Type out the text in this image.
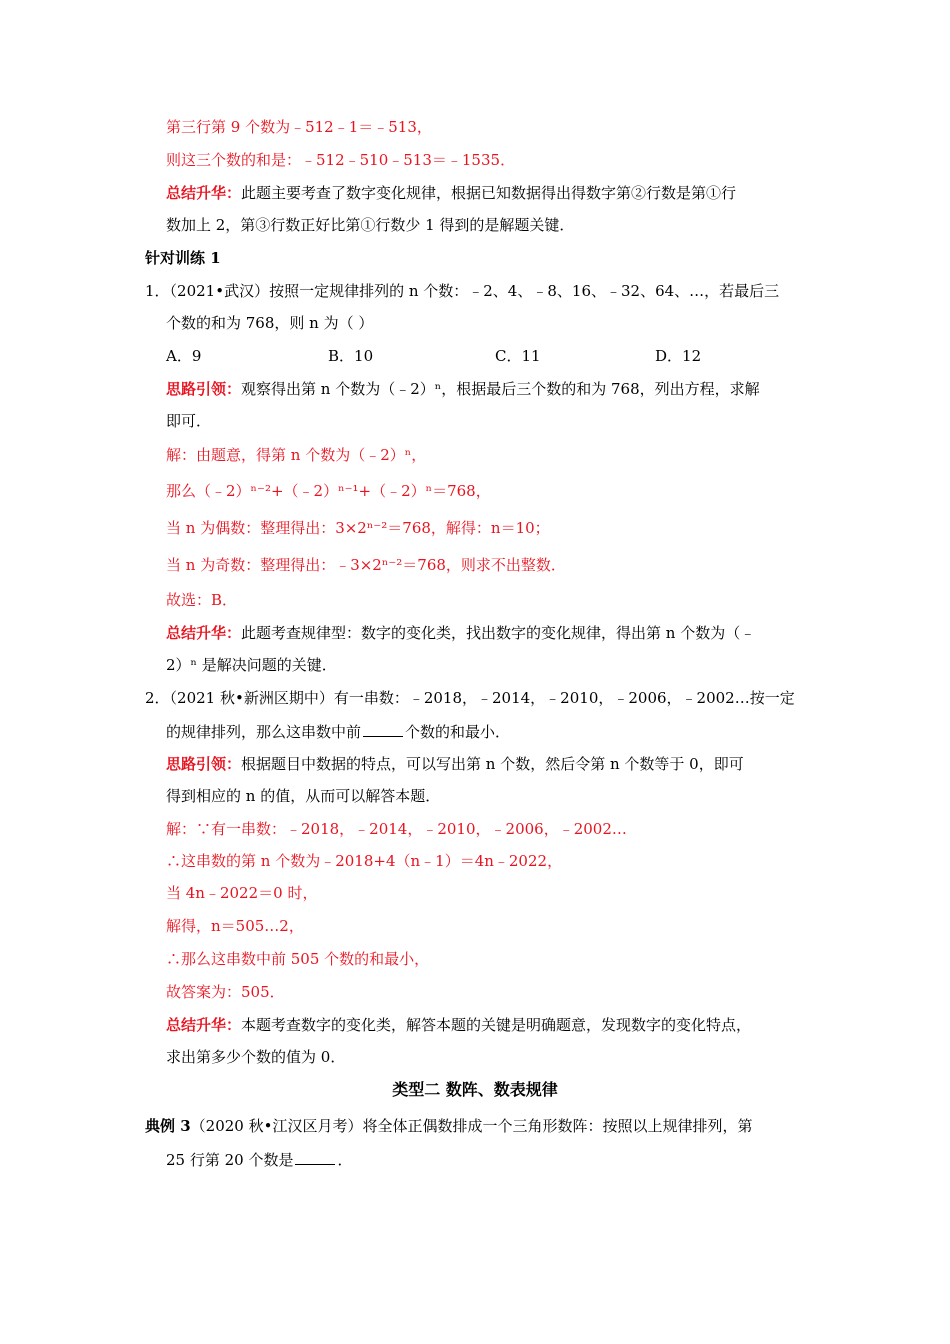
第三行第 9 个数为﹣512﹣1＝﹣513，
则这三个数的和是：﹣512﹣510﹣513＝﹣1535．
总结升华：此题主要考查了数字变化规律，根据已知数据得出得数字第②行数是第①行
数加上 2，第③行数正好比第①行数少 1 得到的是解题关键．
针对训练 1
1．（2021•武汉）按照一定规律排列的 n 个数：﹣2、4、﹣8、16、﹣32、64、…，若最后三
个数的和为 768，则 n 为（ ）
A．9	B．10	C．11	D．12
思路引领：观察得出第 n 个数为（﹣2）ⁿ，根据最后三个数的和为 768，列出方程，求解
即可．
解：由题意，得第 n 个数为（﹣2）ⁿ，
那么（﹣2）ⁿ⁻²+（﹣2）ⁿ⁻¹+（﹣2）ⁿ＝768，
当 n 为偶数：整理得出：3×2ⁿ⁻²＝768，解得：n＝10；
当 n 为奇数：整理得出：﹣3×2ⁿ⁻²＝768，则求不出整数．
故选：B．
总结升华：此题考查规律型：数字的变化类，找出数字的变化规律，得出第 n 个数为（﹣
2）ⁿ 是解决问题的关键．
2．（2021 秋•新洲区期中）有一串数：﹣2018，﹣2014，﹣2010，﹣2006，﹣2002…按一定
的规律排列，那么这串数中前	个数的和最小．
思路引领：根据题目中数据的特点，可以写出第 n 个数，然后令第 n 个数等于 0，即可
得到相应的 n 的值，从而可以解答本题．
解：∵有一串数：﹣2018，﹣2014，﹣2010，﹣2006，﹣2002…
∴这串数的第 n 个数为﹣2018+4（n﹣1）＝4n﹣2022，
当 4n﹣2022＝0 时，
解得，n＝505…2，
∴那么这串数中前 505 个数的和最小，
故答案为：505．
总结升华：本题考查数字的变化类，解答本题的关键是明确题意，发现数字的变化特点，
求出第多少个数的值为 0．
类型二 数阵、数表规律
典例 3（2020 秋•江汉区月考）将全体正偶数排成一个三角形数阵：按照以上规律排列，第
25 行第 20 个数是	．
